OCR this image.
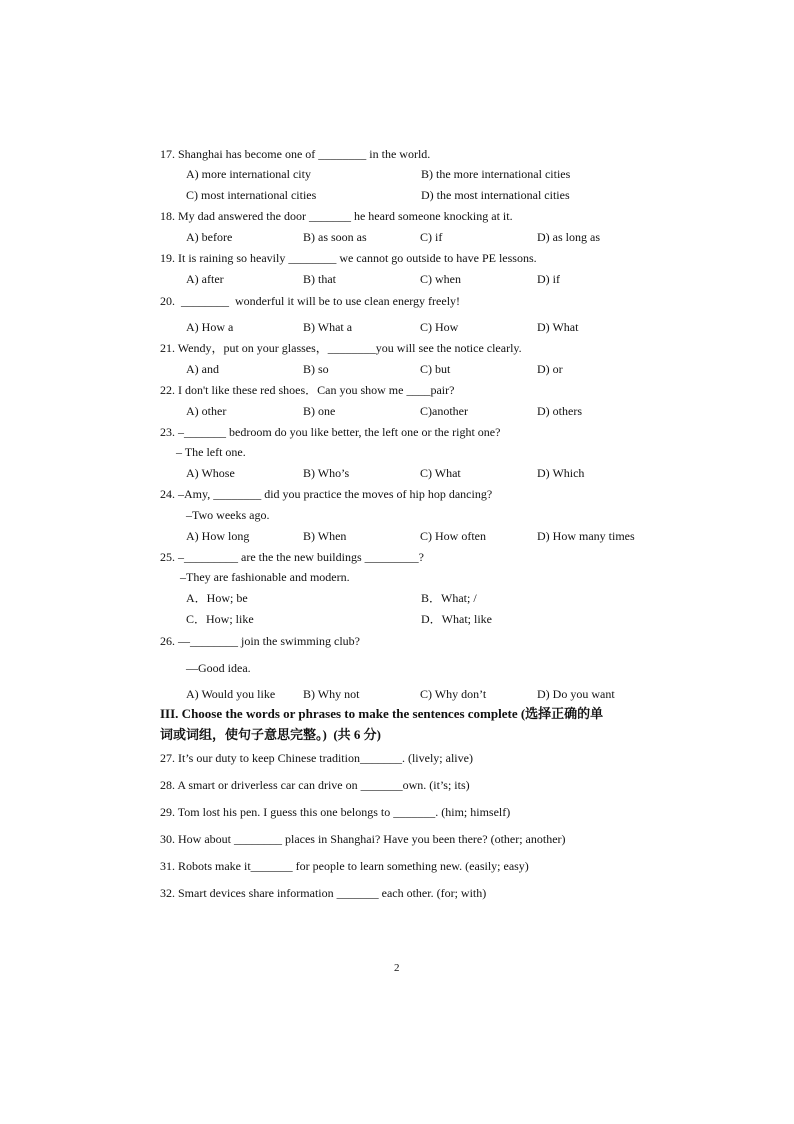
17. Shanghai has become one of ________ in the world.
A) more international city	B) the more international cities
C) most international cities	D) the most international cities
18. My dad answered the door _______ he heard someone knocking at it.

A) before

	B) as soon as

	C) if

	D) as long as

19. It is raining so heavily ________ we cannot go outside to have PE lessons.

A) after

	B) that

	C) when

	D) if

20.  ________  wonderful it will be to use clean energy freely!

A) How a

	B) What a

	C) How

	D) What

21. Wendy，put on your glasses，________you will see the notice clearly.

A) and

	B) so

	C) but

	D) or

22. I don't like these red shoes．Can you show me ____pair?

A) other

	B) one

	C)another

	D) others

23. –_______ bedroom do you like better, the left one or the right one?
– The left one.

A) Whose

	B) Who’s

	C) What

	D) Which

24. –Amy, ________ did you practice the moves of hip hop dancing?
–Two weeks ago.

A) How long

	B) When

	C) How often

	D) How many times

25. –_________ are the the new buildings _________?
–They are fashionable and modern.
A．How; be	B．What; /
C．How; like	D．What; like
26. —________ join the swimming club?
—Good idea.

A) Would you like

B) Why not

	C) Why don’t

	D) Do you want

III. Choose the words or phrases to make the sentences complete (选择正确的单
词或词组，使句子意思完整。)  (共 6 分)
27. It’s our duty to keep Chinese tradition_______. (lively; alive)
28. A smart or driverless car can drive on _______own. (it’s; its)
29. Tom lost his pen. I guess this one belongs to _______. (him; himself)
30. How about ________ places in Shanghai? Have you been there? (other; another)
31. Robots make it_______ for people to learn something new. (easily; easy)
32. Smart devices share information _______ each other. (for; with)
2
